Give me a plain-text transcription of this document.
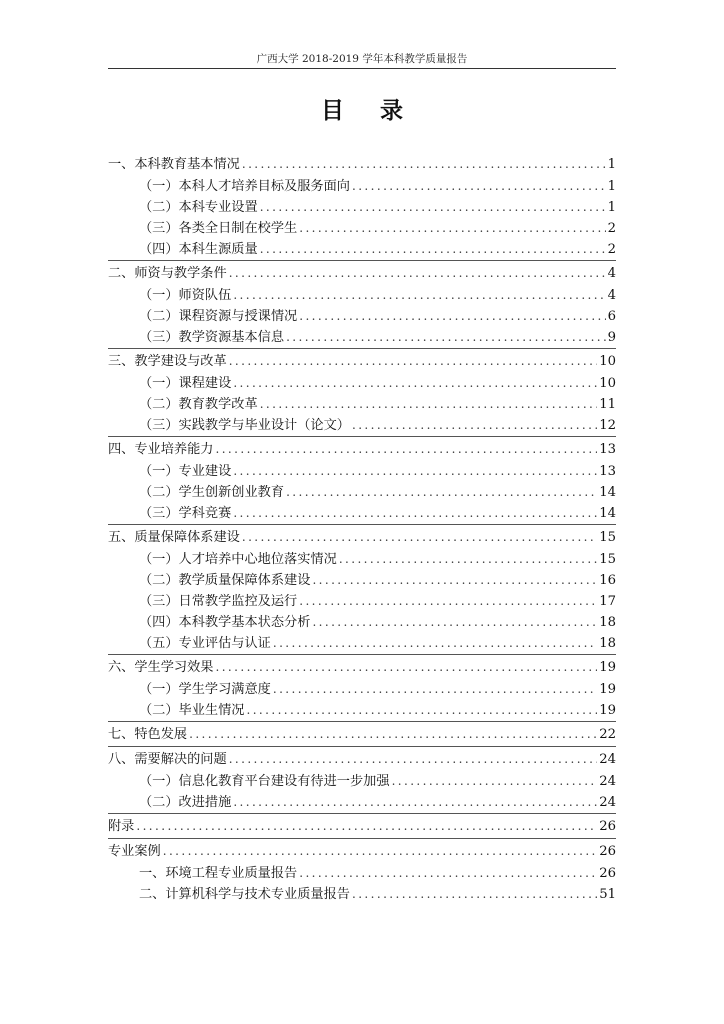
广西大学 2018-2019 学年本科教学质量报告
目 录
一、本科教育基本情况 .....	1
（一）本科人才培养目标及服务面向 .....	1
（二）本科专业设置 .....	1
（三）各类全日制在校学生 .....	2
（四）本科生源质量 .....	2
二、师资与教学条件 .....	4
（一）师资队伍 .....	4
（二）课程资源与授课情况 .....	6
（三）教学资源基本信息 .....	9
三、教学建设与改革 .....	10
（一）课程建设 .....	10
（二）教育教学改革 .....	11
（三）实践教学与毕业设计（论文） .....	12
四、专业培养能力 .....	13
（一）专业建设 .....	13
（二）学生创新创业教育 .....	14
（三）学科竞赛 .....	14
五、质量保障体系建设 .....	15
（一）人才培养中心地位落实情况 .....	15
（二）教学质量保障体系建设 .....	16
（三）日常教学监控及运行 .....	17
（四）本科教学基本状态分析 .....	18
（五）专业评估与认证 .....	18
六、学生学习效果 .....	19
（一）学生学习满意度 .....	19
（二）毕业生情况 .....	19
七、特色发展 .....	22
八、需要解决的问题 .....	24
（一）信息化教育平台建设有待进一步加强 .....	24
（二）改进措施 .....	24
附录 .....	26
专业案例 .....	26
一、环境工程专业质量报告 .....	26
二、计算机科学与技术专业质量报告 .....	51
